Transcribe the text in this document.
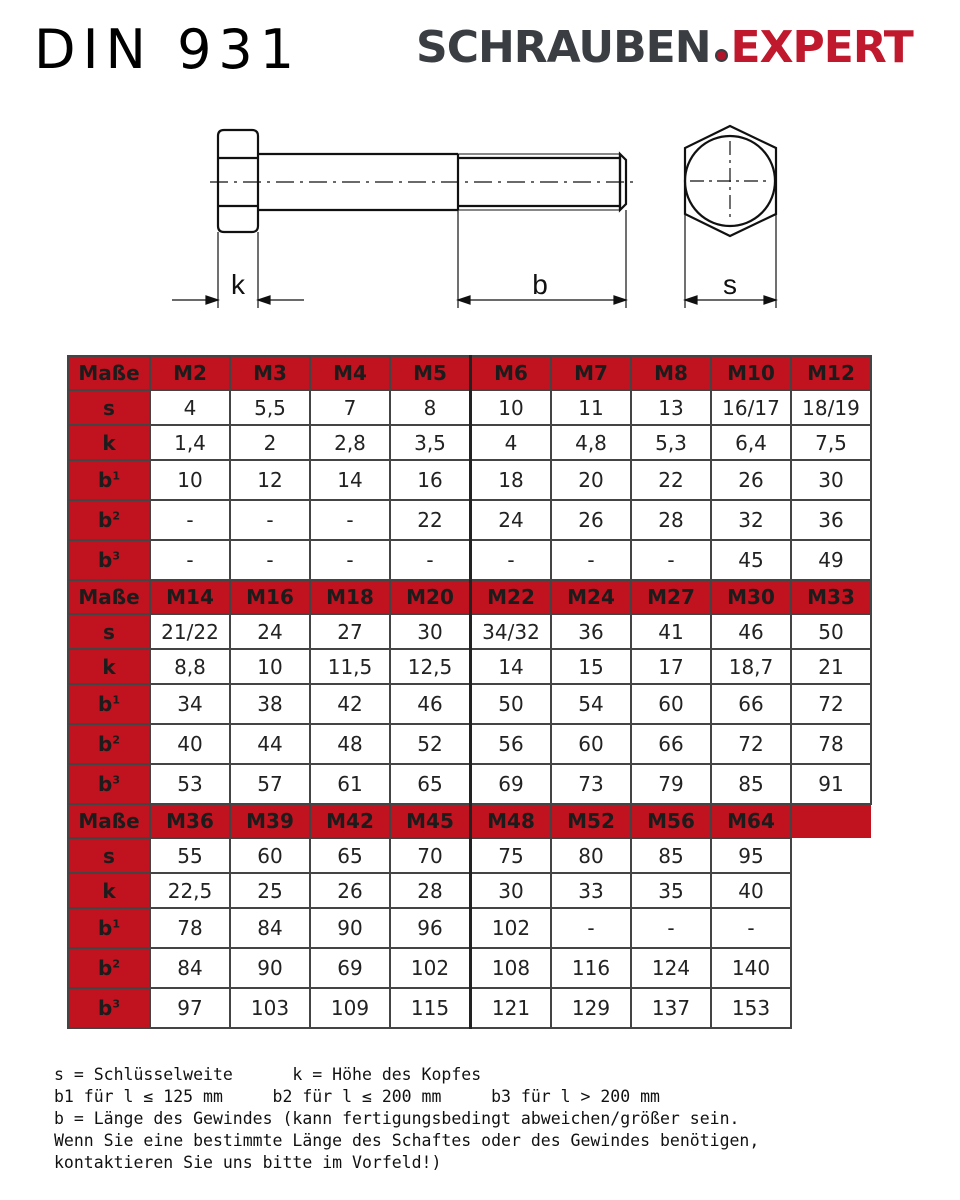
DIN 931	SCHRAUBEN EXPERT
k	b	s
Maße	M2	M3	M4	M5	M6	M7	M8	M10	M12
s	4	5,5	7	8	10	11	13	16/17	18/19
k	1,4	2	2,8	3,5	4	4,8	5,3	6,4	7,5
$b^1$	10	12	14	16	18	20	22	26	30
$b^2$	-	-	-	22	24	26	28	32	36
$b^3$	-	-	-	-	-	-	-	45	49
Maße	M14	M16	M18	M20	M22	M24	M27	M30	M33
s	21/22	24	27	30	34/32	36	41	46	50
k	8,8	10	11,5	12,5	14	15	17	18,7	21
$b^1$	34	38	42	46	50	54	60	66	72
$b^2$	40	44	48	52	56	60	66	72	78
$b^3$	53	57	61	65	69	73	79	85	91
Maße	M36	M39	M42	M45	M48	M52	M56	M64	
s	55	60	65	70	75	80	85	95	
k	22,5	25	26	28	30	33	35	40	
$b^1$	78	84	90	96	102	-	-	-	
$b^2$	84	90	69	102	108	116	124	140	
$b^3$	97	103	109	115	121	129	137	153	
s = Schlüsselweite      k = Höhe des Kopfes
b1 für l ≤ 125 mm     b2 für l ≤ 200 mm     b3 für l > 200 mm
b = Länge des Gewindes (kann fertigungsbedingt abweichen/größer sein.
Wenn Sie eine bestimmte Länge des Schaftes oder des Gewindes benötigen,
kontaktieren Sie uns bitte im Vorfeld!)
